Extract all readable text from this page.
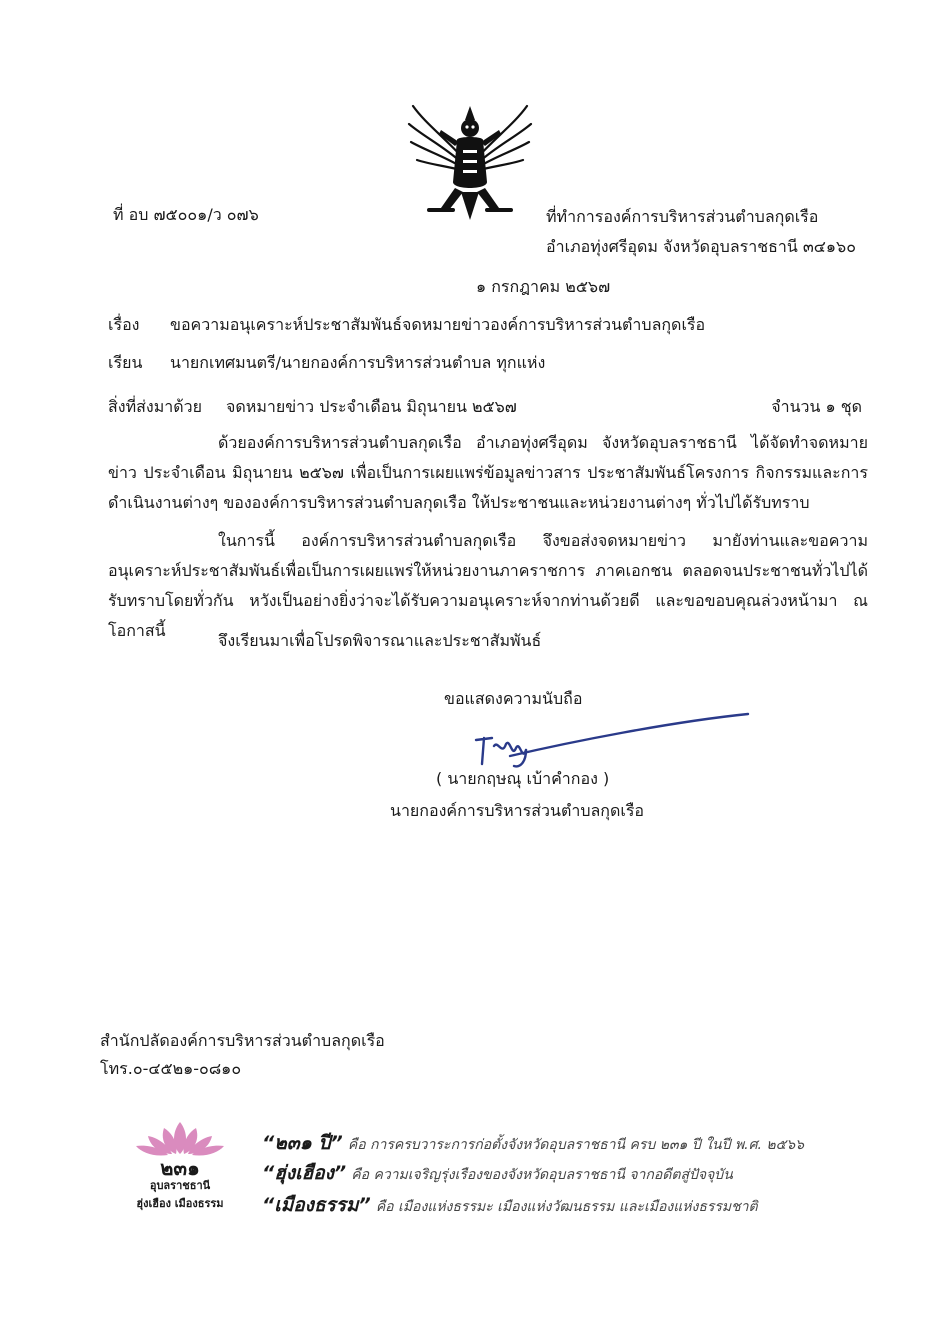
ที่ อบ ๗๕๐๐๑/ว ๐๗๖	ที่ทำการองค์การบริหารส่วนตำบลกุดเรือ
อำเภอทุ่งศรีอุดม จังหวัดอุบลราชธานี ๓๔๑๖๐
๑ กรกฎาคม ๒๕๖๗
เรื่อง ขอความอนุเคราะห์ประชาสัมพันธ์จดหมายข่าวองค์การบริหารส่วนตำบลกุดเรือ
เรียน นายกเทศมนตรี/นายกองค์การบริหารส่วนตำบล ทุกแห่ง
สิ่งที่ส่งมาด้วย จดหมายข่าว ประจำเดือน มิถุนายน ๒๕๖๗	จำนวน ๑ ชุด
ด้วยองค์การบริหารส่วนตำบลกุดเรือ อำเภอทุ่งศรีอุดม จังหวัดอุบลราชธานี ได้จัดทำจดหมายข่าว ประจำเดือน มิถุนายน ๒๕๖๗ เพื่อเป็นการเผยแพร่ข้อมูลข่าวสาร ประชาสัมพันธ์โครงการ กิจกรรมและการดำเนินงานต่างๆ ขององค์การบริหารส่วนตำบลกุดเรือ ให้ประชาชนและหน่วยงานต่างๆ ทั่วไปได้รับทราบ
ในการนี้ องค์การบริหารส่วนตำบลกุดเรือ จึงขอส่งจดหมายข่าว มายังท่านและขอความอนุเคราะห์ประชาสัมพันธ์เพื่อเป็นการเผยแพร่ให้หน่วยงานภาคราชการ ภาคเอกชน ตลอดจนประชาชนทั่วไปได้รับทราบโดยทั่วกัน หวังเป็นอย่างยิ่งว่าจะได้รับความอนุเคราะห์จากท่านด้วยดี และขอขอบคุณล่วงหน้ามา ณ โอกาสนี้
จึงเรียนมาเพื่อโปรดพิจารณาและประชาสัมพันธ์
ขอแสดงความนับถือ
( นายกฤษณุ เบ้าคำกอง )
นายกองค์การบริหารส่วนตำบลกุดเรือ
สำนักปลัดองค์การบริหารส่วนตำบลกุดเรือ
โทร.๐-๔๕๒๑-๐๘๑๐
๒๓๑
อุบลราชธานี
ฮุ่งเฮือง เมืองธรรม
“๒๓๑ ปี” คือ การครบวาระการก่อตั้งจังหวัดอุบลราชธานี ครบ ๒๓๑ ปี ในปี พ.ศ. ๒๕๖๖
“ฮุ่งเฮือง” คือ ความเจริญรุ่งเรืองของจังหวัดอุบลราชธานี จากอดีตสู่ปัจจุบัน
“เมืองธรรม” คือ เมืองแห่งธรรมะ เมืองแห่งวัฒนธรรม และเมืองแห่งธรรมชาติ
